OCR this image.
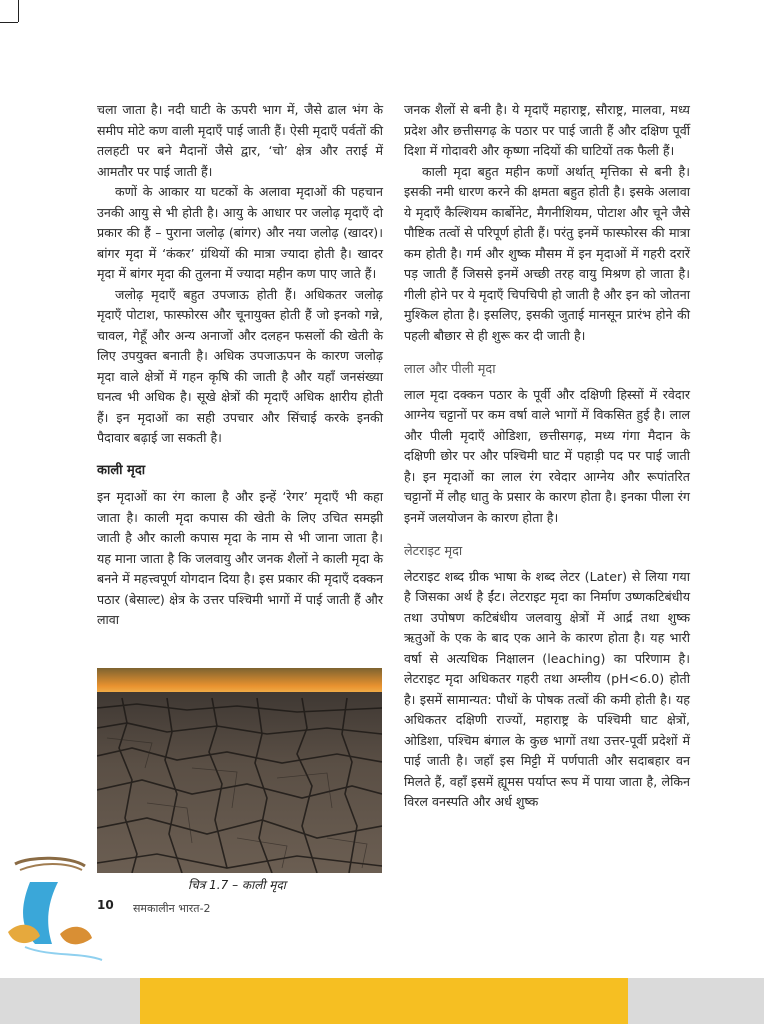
चला जाता है। नदी घाटी के ऊपरी भाग में, जैसे ढाल भंग के समीप मोटे कण वाली मृदाएँ पाई जाती हैं। ऐसी मृदाएँ पर्वतों की तलहटी पर बने मैदानों जैसे द्वार, ‘चो’ क्षेत्र और तराई में आमतौर पर पाई जाती हैं।

कणों के आकार या घटकों के अलावा मृदाओं की पहचान उनकी आयु से भी होती है। आयु के आधार पर जलोढ़ मृदाएँ दो प्रकार की हैं – पुराना जलोढ़ (बांगर) और नया जलोढ़ (खादर)। बांगर मृदा में ‘कंकर’ ग्रंथियों की मात्रा ज्यादा होती है। खादर मृदा में बांगर मृदा की तुलना में ज्यादा महीन कण पाए जाते हैं।

जलोढ़ मृदाएँ बहुत उपजाऊ होती हैं। अधिकतर जलोढ़ मृदाएँ पोटाश, फास्फोरस और चूनायुक्त होती हैं जो इनको गन्ने, चावल, गेहूँ और अन्य अनाजों और दलहन फसलों की खेती के लिए उपयुक्त बनाती है। अधिक उपजाऊपन के कारण जलोढ़ मृदा वाले क्षेत्रों में गहन कृषि की जाती है और यहाँ जनसंख्या घनत्व भी अधिक है। सूखे क्षेत्रों की मृदाएँ अधिक क्षारीय होती हैं। इन मृदाओं का सही उपचार और सिंचाई करके इनकी पैदावार बढ़ाई जा सकती है।

काली मृदा

इन मृदाओं का रंग काला है और इन्हें ‘रेगर’ मृदाएँ भी कहा जाता है। काली मृदा कपास की खेती के लिए उचित समझी जाती है और काली कपास मृदा के नाम से भी जाना जाता है। यह माना जाता है कि जलवायु और जनक शैलों ने काली मृदा के बनने में महत्त्वपूर्ण योगदान दिया है। इस प्रकार की मृदाएँ दक्कन पठार (बेसाल्ट) क्षेत्र के उत्तर पश्चिमी भागों में पाई जाती हैं और लावा

जनक शैलों से बनी है। ये मृदाएँ महाराष्ट्र, सौराष्ट्र, मालवा, मध्य प्रदेश और छत्तीसगढ़ के पठार पर पाई जाती हैं और दक्षिण पूर्वी दिशा में गोदावरी और कृष्णा नदियों की घाटियों तक फैली हैं।

काली मृदा बहुत महीन कणों अर्थात् मृत्तिका से बनी है। इसकी नमी धारण करने की क्षमता बहुत होती है। इसके अलावा ये मृदाएँ कैल्शियम कार्बोनेट, मैगनीशियम, पोटाश और चूने जैसे पौष्टिक तत्वों से परिपूर्ण होती हैं। परंतु इनमें फास्फोरस की मात्रा कम होती है। गर्म और शुष्क मौसम में इन मृदाओं में गहरी दरारें पड़ जाती हैं जिससे इनमें अच्छी तरह वायु मिश्रण हो जाता है। गीली होने पर ये मृदाएँ चिपचिपी हो जाती है और इन को जोतना मुश्किल होता है। इसलिए, इसकी जुताई मानसून प्रारंभ होने की पहली बौछार से ही शुरू कर दी जाती है।

लाल और पीली मृदा

लाल मृदा दक्कन पठार के पूर्वी और दक्षिणी हिस्सों में रवेदार आग्नेय चट्टानों पर कम वर्षा वाले भागों में विकसित हुई है। लाल और पीली मृदाएँ ओडिशा, छत्तीसगढ़, मध्य गंगा मैदान के दक्षिणी छोर पर और पश्चिमी घाट में पहाड़ी पद पर पाई जाती है। इन मृदाओं का लाल रंग रवेदार आग्नेय और रूपांतरित चट्टानों में लौह धातु के प्रसार के कारण होता है। इनका पीला रंग इनमें जलयोजन के कारण होता है।

लेटराइट मृदा

लेटराइट शब्द ग्रीक भाषा के शब्द लेटर (Later) से लिया गया है जिसका अर्थ है ईंट। लेटराइट मृदा का निर्माण उष्णकटिबंधीय तथा उपोषण कटिबंधीय जलवायु क्षेत्रों में आर्द्र तथा शुष्क ऋतुओं के एक के बाद एक आने के कारण होता है। यह भारी वर्षा से अत्यधिक निक्षालन (leaching) का परिणाम है। लेटराइट मृदा अधिकतर गहरी तथा अम्लीय (pH<6.0) होती है। इसमें सामान्यत: पौधों के पोषक तत्वों की कमी होती है। यह अधिकतर दक्षिणी राज्यों, महाराष्ट्र के पश्चिमी घाट क्षेत्रों, ओडिशा, पश्चिम बंगाल के कुछ भागों तथा उत्तर-पूर्वी प्रदेशों में पाई जाती है। जहाँ इस मिट्टी में पर्णपाती और सदाबहार वन मिलते हैं, वहाँ इसमें ह्यूमस पर्याप्त रूप में पाया जाता है, लेकिन विरल वनस्पति और अर्ध शुष्क

चित्र 1.7 – काली मृदा
10 समकालीन भारत-2
